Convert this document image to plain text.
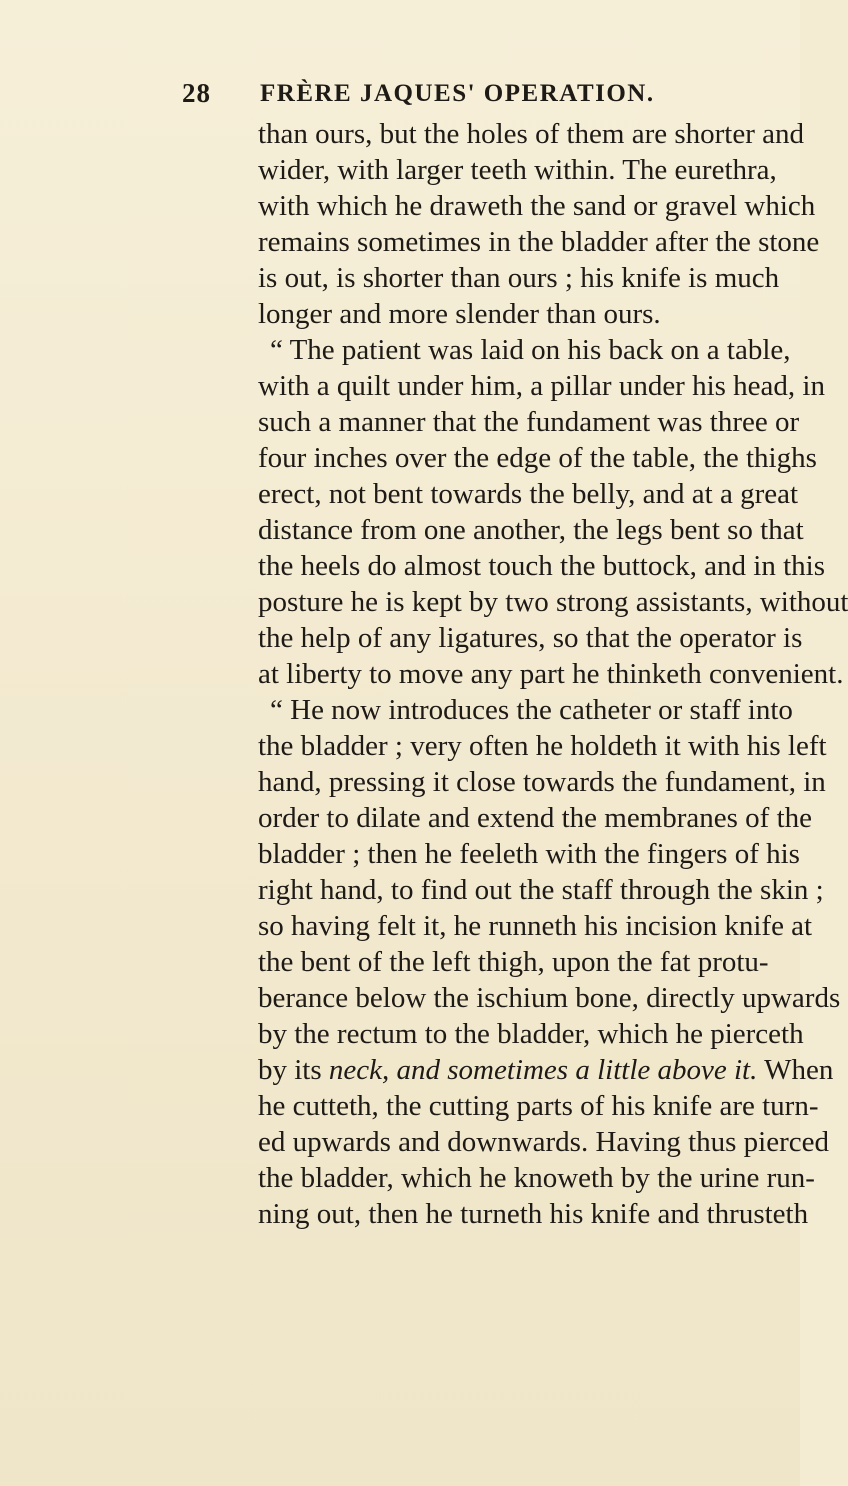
28 FRÈRE JAQUES' OPERATION.
than ours, but the holes of them are shorter and
wider, with larger teeth within. The eurethra,
with which he draweth the sand or gravel which
remains sometimes in the bladder after the stone
is out, is shorter than ours ; his knife is much
longer and more slender than ours.
“ The patient was laid on his back on a table,
with a quilt under him, a pillar under his head, in
such a manner that the fundament was three or
four inches over the edge of the table, the thighs
erect, not bent towards the belly, and at a great
distance from one another, the legs bent so that
the heels do almost touch the buttock, and in this
posture he is kept by two strong assistants, without
the help of any ligatures, so that the operator is
at liberty to move any part he thinketh convenient.
“ He now introduces the catheter or staff into
the bladder ; very often he holdeth it with his left
hand, pressing it close towards the fundament, in
order to dilate and extend the membranes of the
bladder ; then he feeleth with the fingers of his
right hand, to find out the staff through the skin ;
so having felt it, he runneth his incision knife at
the bent of the left thigh, upon the fat protu-
berance below the ischium bone, directly upwards
by the rectum to the bladder, which he pierceth
by its neck, and sometimes a little above it. When
he cutteth, the cutting parts of his knife are turn-
ed upwards and downwards. Having thus pierced
the bladder, which he knoweth by the urine run-
ning out, then he turneth his knife and thrusteth
